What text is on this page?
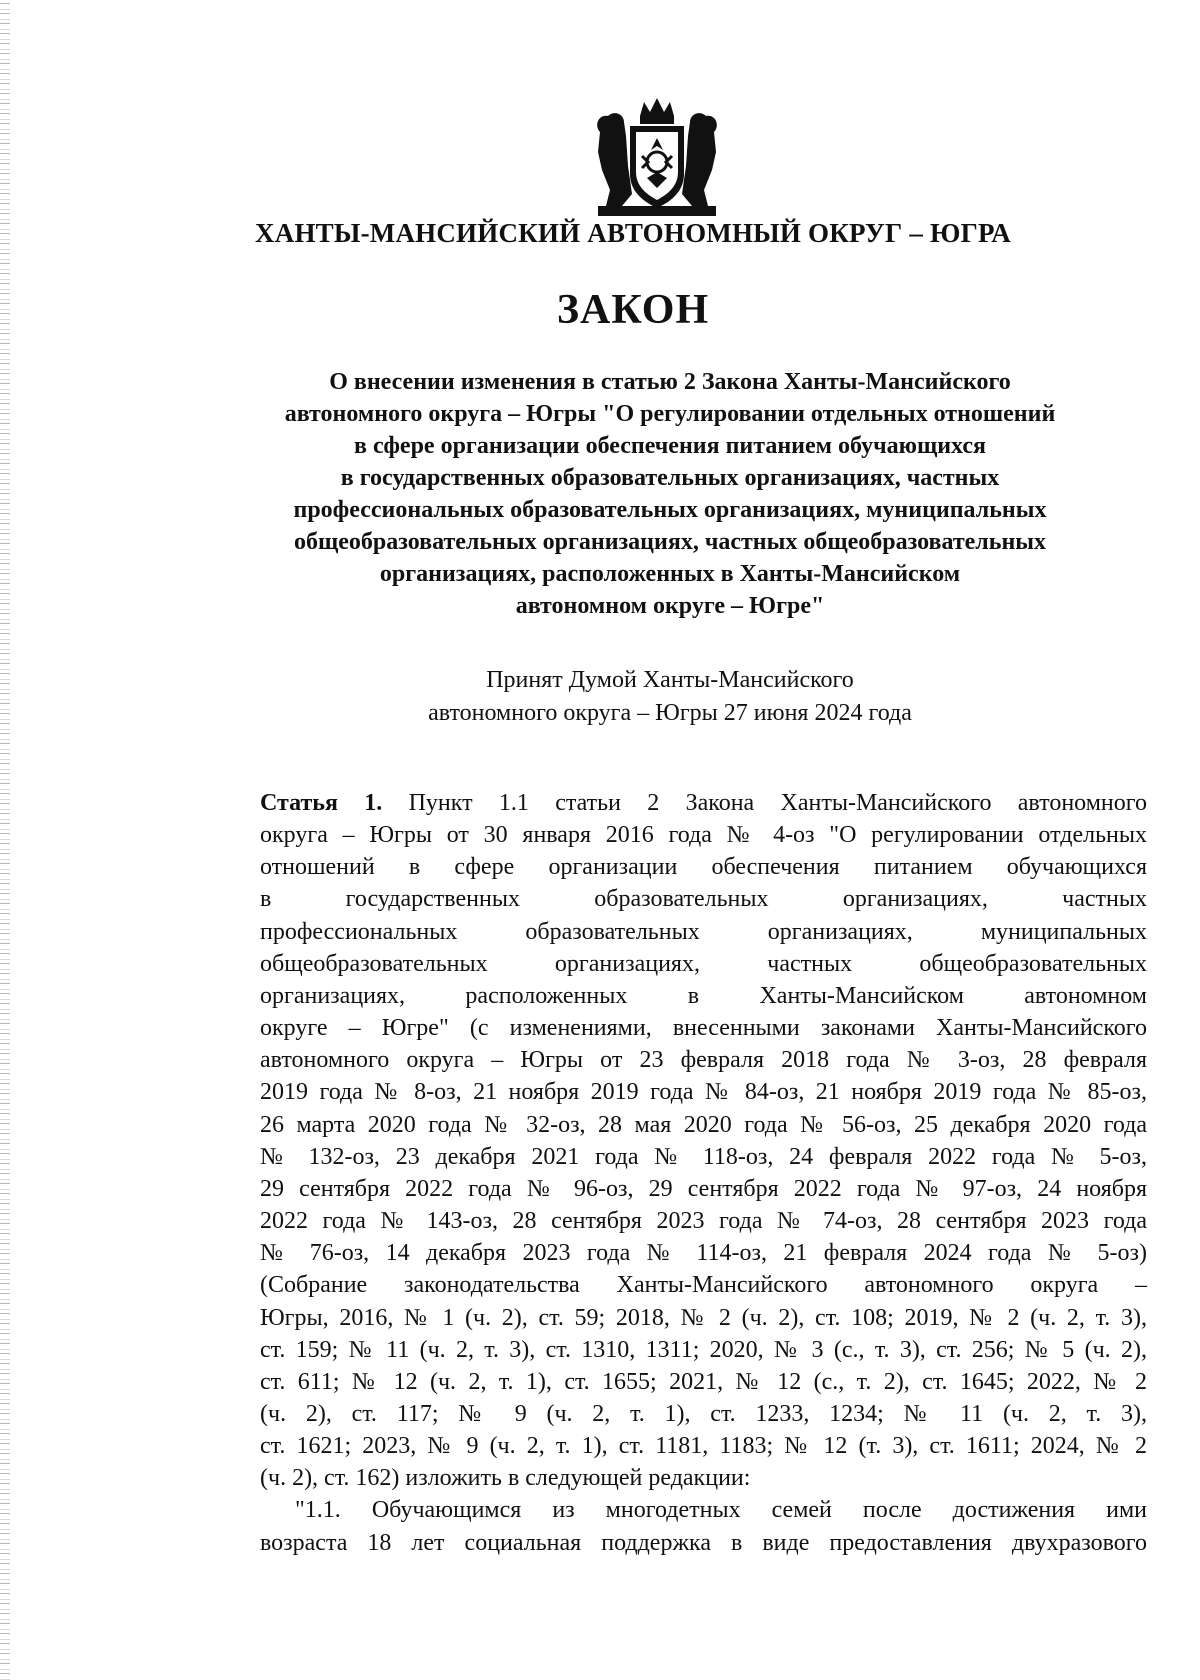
ХАНТЫ-МАНСИЙСКИЙ АВТОНОМНЫЙ ОКРУГ – ЮГРА
ЗАКОН
О внесении изменения в статью 2 Закона Ханты-Мансийского
автономного округа – Югры "О регулировании отдельных отношений
в сфере организации обеспечения питанием обучающихся
в государственных образовательных организациях, частных
профессиональных образовательных организациях, муниципальных
общеобразовательных организациях, частных общеобразовательных
организациях, расположенных в Ханты-Мансийском
автономном округе – Югре"
Принят Думой Ханты-Мансийского
автономного округа – Югры 27 июня 2024 года
Статья 1. Пункт 1.1 статьи 2 Закона Ханты-Мансийского автономного
округа – Югры от 30 января 2016 года № 4-оз "О регулировании отдельных
отношений в сфере организации обеспечения питанием обучающихся
в государственных образовательных организациях, частных
профессиональных образовательных организациях, муниципальных
общеобразовательных организациях, частных общеобразовательных
организациях, расположенных в Ханты-Мансийском автономном
округе – Югре" (с изменениями, внесенными законами Ханты-Мансийского
автономного округа – Югры от 23 февраля 2018 года № 3-оз, 28 февраля
2019 года № 8-оз, 21 ноября 2019 года № 84-оз, 21 ноября 2019 года № 85-оз,
26 марта 2020 года № 32-оз, 28 мая 2020 года № 56-оз, 25 декабря 2020 года
№ 132-оз, 23 декабря 2021 года № 118-оз, 24 февраля 2022 года № 5-оз,
29 сентября 2022 года № 96-оз, 29 сентября 2022 года № 97-оз, 24 ноября
2022 года № 143-оз, 28 сентября 2023 года № 74-оз, 28 сентября 2023 года
№ 76-оз, 14 декабря 2023 года № 114-оз, 21 февраля 2024 года № 5-оз)
(Собрание законодательства Ханты-Мансийского автономного округа –
Югры, 2016, № 1 (ч. 2), ст. 59; 2018, № 2 (ч. 2), ст. 108; 2019, № 2 (ч. 2, т. 3),
ст. 159; № 11 (ч. 2, т. 3), ст. 1310, 1311; 2020, № 3 (с., т. 3), ст. 256; № 5 (ч. 2),
ст. 611; № 12 (ч. 2, т. 1), ст. 1655; 2021, № 12 (с., т. 2), ст. 1645; 2022, № 2
(ч. 2), ст. 117; № 9 (ч. 2, т. 1), ст. 1233, 1234; № 11 (ч. 2, т. 3),
ст. 1621; 2023, № 9 (ч. 2, т. 1), ст. 1181, 1183; № 12 (т. 3), ст. 1611; 2024, № 2
(ч. 2), ст. 162) изложить в следующей редакции:
"1.1. Обучающимся из многодетных семей после достижения ими
возраста 18 лет социальная поддержка в виде предоставления двухразового
